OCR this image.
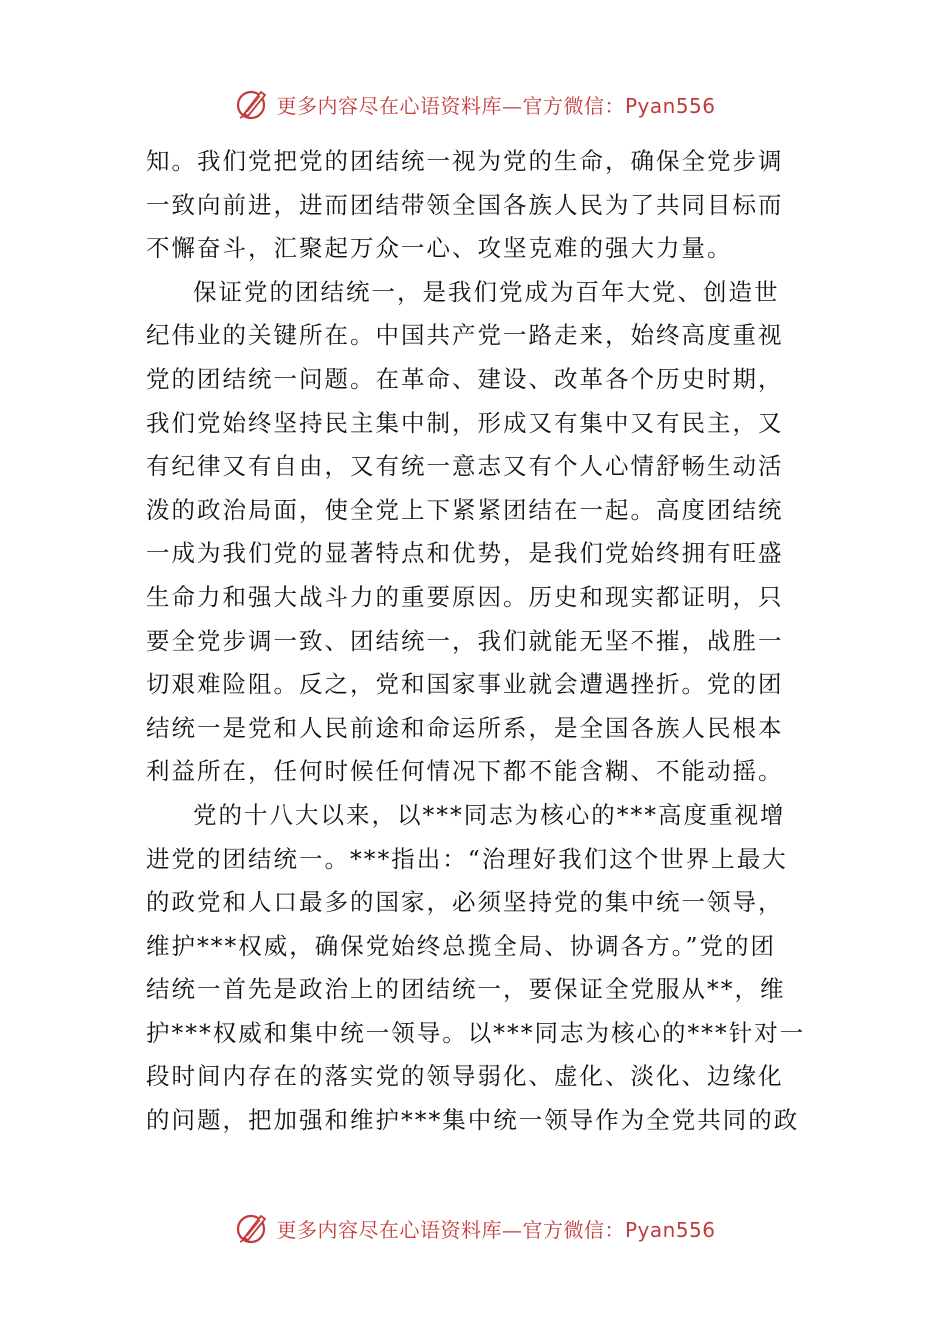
更多内容尽在心语资料库—官方微信：Pyan556
知。我们党把党的团结统一视为党的生命，确保全党步调
一致向前进，进而团结带领全国各族人民为了共同目标而
不懈奋斗，汇聚起万众一心、攻坚克难的强大力量。
保证党的团结统一，是我们党成为百年大党、创造世
纪伟业的关键所在。中国共产党一路走来，始终高度重视
党的团结统一问题。在革命、建设、改革各个历史时期，
我们党始终坚持民主集中制，形成又有集中又有民主，又
有纪律又有自由，又有统一意志又有个人心情舒畅生动活
泼的政治局面，使全党上下紧紧团结在一起。高度团结统
一成为我们党的显著特点和优势，是我们党始终拥有旺盛
生命力和强大战斗力的重要原因。历史和现实都证明，只
要全党步调一致、团结统一，我们就能无坚不摧，战胜一
切艰难险阻。反之，党和国家事业就会遭遇挫折。党的团
结统一是党和人民前途和命运所系，是全国各族人民根本
利益所在，任何时候任何情况下都不能含糊、不能动摇。
党的十八大以来，以***同志为核心的***高度重视增
进党的团结统一。***指出：“治理好我们这个世界上最大
的政党和人口最多的国家，必须坚持党的集中统一领导，
维护***权威，确保党始终总揽全局、协调各方。”党的团
结统一首先是政治上的团结统一，要保证全党服从**，维
护***权威和集中统一领导。以***同志为核心的***针对一
段时间内存在的落实党的领导弱化、虚化、淡化、边缘化
的问题，把加强和维护***集中统一领导作为全党共同的政
更多内容尽在心语资料库—官方微信：Pyan556
